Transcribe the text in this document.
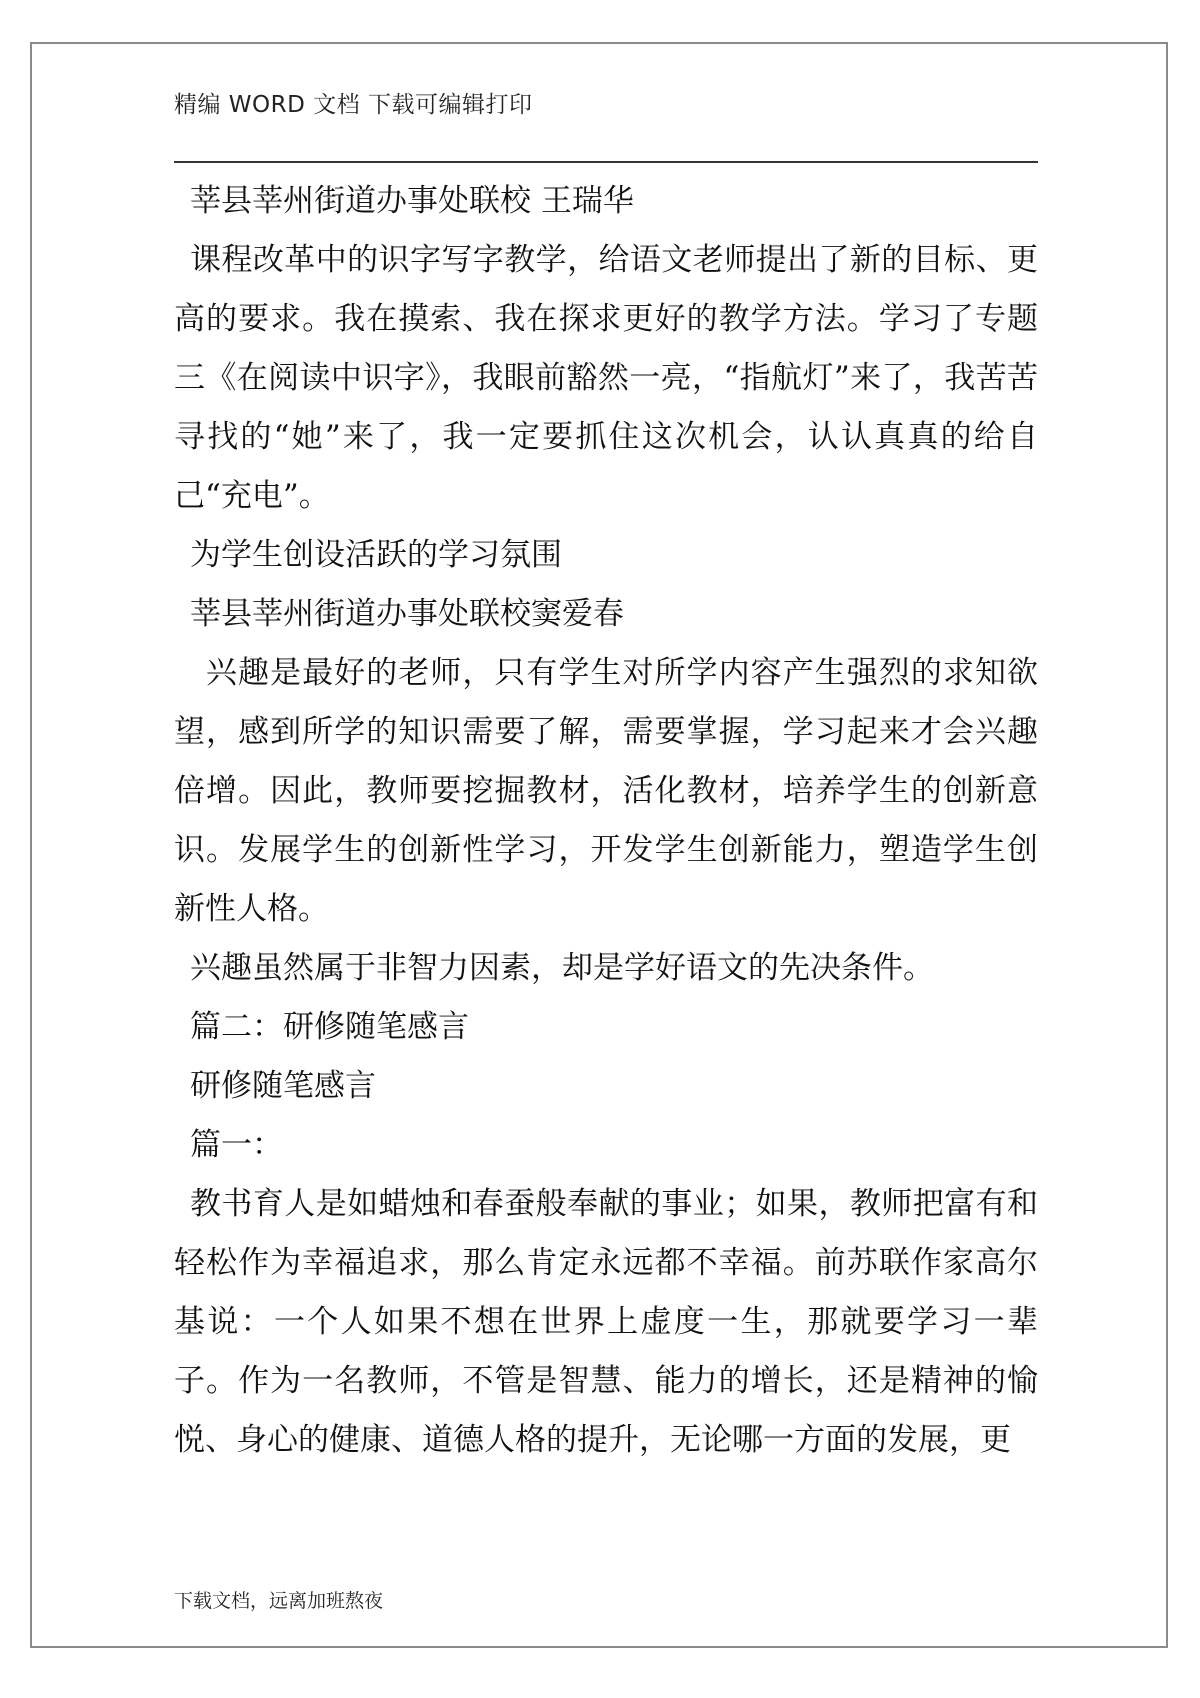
精编 WORD 文档 下载可编辑打印

莘县莘州街道办事处联校 王瑞华

课程改革中的识字写字教学，给语文老师提出了新的目标、更高的要求。我在摸索、我在探求更好的教学方法。学习了专题三《在阅读中识字》，我眼前豁然一亮，“指航灯”来了，我苦苦寻找的“她”来了，我一定要抓住这次机会，认认真真的给自己“充电”。

为学生创设活跃的学习氛围

莘县莘州街道办事处联校窦爱春

兴趣是最好的老师，只有学生对所学内容产生强烈的求知欲望，感到所学的知识需要了解，需要掌握，学习起来才会兴趣倍增。因此，教师要挖掘教材，活化教材，培养学生的创新意识。发展学生的创新性学习，开发学生创新能力，塑造学生创新性人格。

兴趣虽然属于非智力因素，却是学好语文的先决条件。

篇二：研修随笔感言

研修随笔感言

篇一：

教书育人是如蜡烛和春蚕般奉献的事业；如果，教师把富有和轻松作为幸福追求，那么肯定永远都不幸福。前苏联作家高尔基说：一个人如果不想在世界上虚度一生，那就要学习一辈子。作为一名教师，不管是智慧、能力的增长，还是精神的愉悦、身心的健康、道德人格的提升，无论哪一方面的发展，更

下载文档，远离加班熬夜
